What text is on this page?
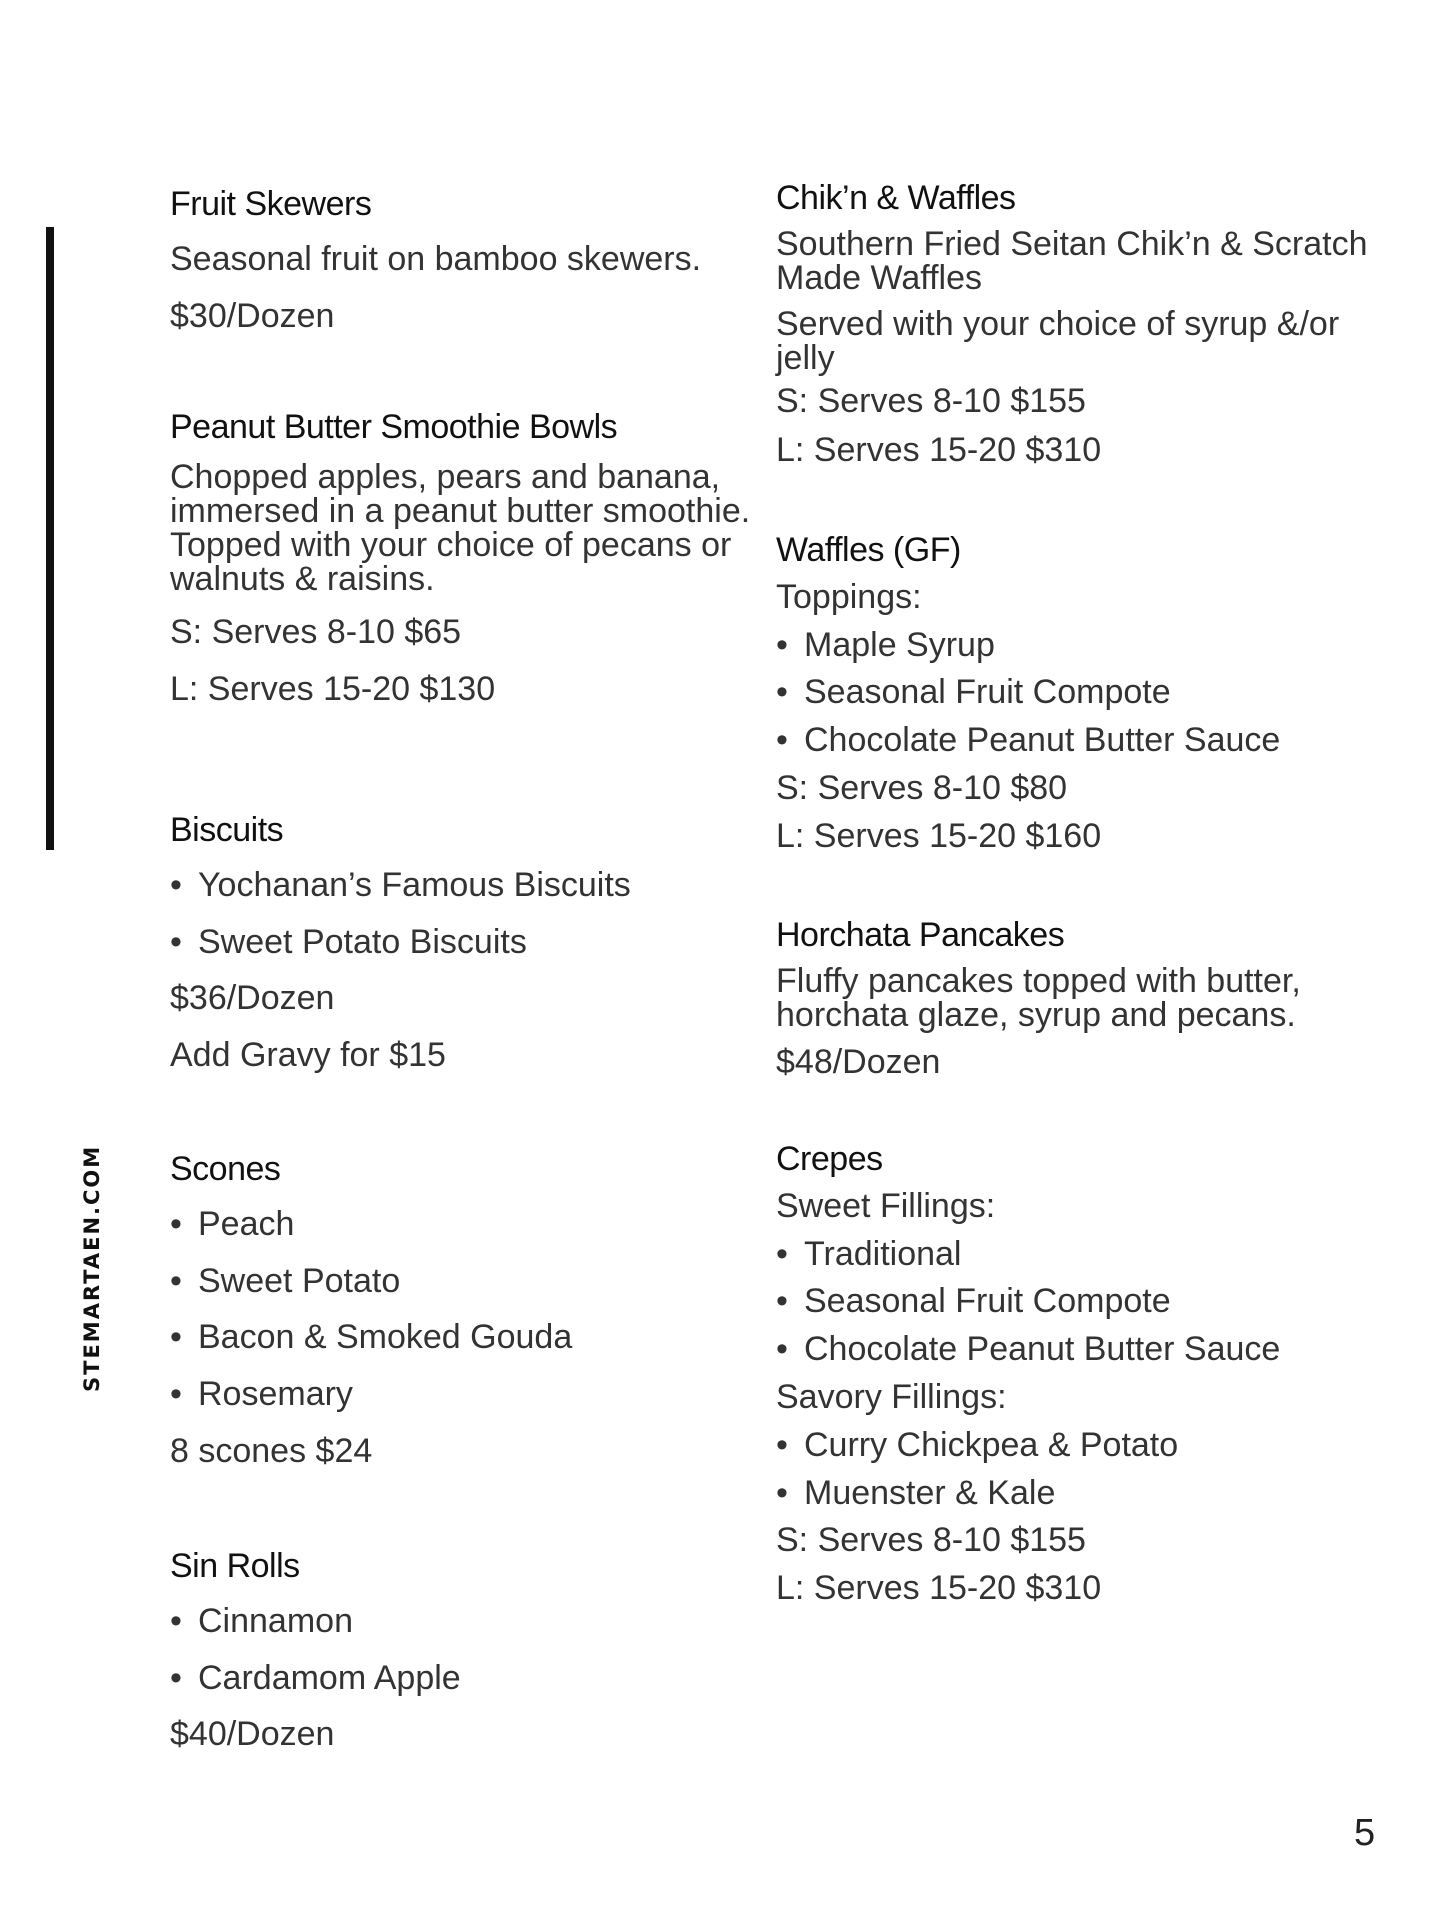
STEMARTAEN.COM
5

Fruit Skewers

Seasonal fruit on bamboo skewers.

$30/Dozen

Peanut Butter Smoothie Bowls

Chopped apples, pears and banana,

immersed in a peanut butter smoothie.

Topped with your choice of pecans or

walnuts & raisins.

S: Serves 8-10 $65

L: Serves 15-20 $130

Biscuits

• Yochanan’s Famous Biscuits

• Sweet Potato Biscuits

$36/Dozen

Add Gravy for $15

Scones

• Peach

• Sweet Potato

• Bacon & Smoked Gouda

• Rosemary

8 scones $24

Sin Rolls

• Cinnamon

• Cardamom Apple

$40/Dozen

Chik’n & Waffles

Southern Fried Seitan Chik’n & Scratch

Made Waffles

Served with your choice of syrup &/or

jelly

S: Serves 8-10 $155

L: Serves 15-20 $310

Waffles (GF)

Toppings:

• Maple Syrup

• Seasonal Fruit Compote

• Chocolate Peanut Butter Sauce

S: Serves 8-10 $80

L: Serves 15-20 $160

Horchata Pancakes

Fluffy pancakes topped with butter,

horchata glaze, syrup and pecans.

$48/Dozen

Crepes

Sweet Fillings:

• Traditional

• Seasonal Fruit Compote

• Chocolate Peanut Butter Sauce

Savory Fillings:

• Curry Chickpea & Potato

• Muenster & Kale

S: Serves 8-10 $155

L: Serves 15-20 $310
